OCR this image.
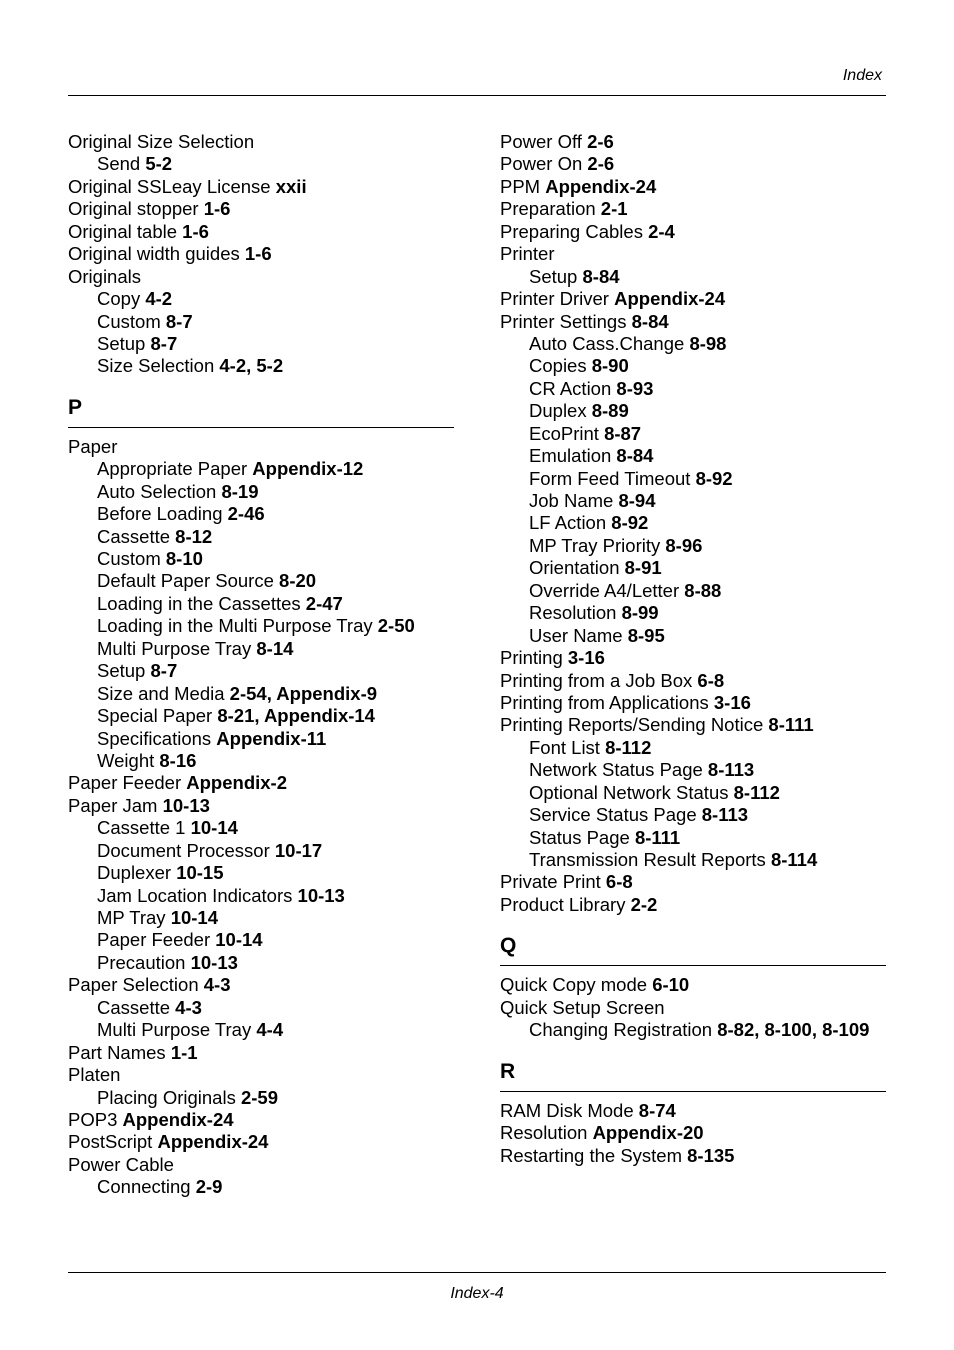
Index
Original Size Selection
Send 5-2
Original SSLeay License xxii
Original stopper 1-6
Original table 1-6
Original width guides 1-6
Originals
Copy 4-2
Custom 8-7
Setup 8-7
Size Selection 4-2, 5-2
P
Paper
Appropriate Paper Appendix-12
Auto Selection 8-19
Before Loading 2-46
Cassette 8-12
Custom 8-10
Default Paper Source 8-20
Loading in the Cassettes 2-47
Loading in the Multi Purpose Tray 2-50
Multi Purpose Tray 8-14
Setup 8-7
Size and Media 2-54, Appendix-9
Special Paper 8-21, Appendix-14
Specifications Appendix-11
Weight 8-16
Paper Feeder Appendix-2
Paper Jam 10-13
Cassette 1 10-14
Document Processor 10-17
Duplexer 10-15
Jam Location Indicators 10-13
MP Tray 10-14
Paper Feeder 10-14
Precaution 10-13
Paper Selection 4-3
Cassette 4-3
Multi Purpose Tray 4-4
Part Names 1-1
Platen
Placing Originals 2-59
POP3 Appendix-24
PostScript Appendix-24
Power Cable
Connecting 2-9
Power Off 2-6
Power On 2-6
PPM Appendix-24
Preparation 2-1
Preparing Cables 2-4
Printer
Setup 8-84
Printer Driver Appendix-24
Printer Settings 8-84
Auto Cass.Change 8-98
Copies 8-90
CR Action 8-93
Duplex 8-89
EcoPrint 8-87
Emulation 8-84
Form Feed Timeout 8-92
Job Name 8-94
LF Action 8-92
MP Tray Priority 8-96
Orientation 8-91
Override A4/Letter 8-88
Resolution 8-99
User Name 8-95
Printing 3-16
Printing from a Job Box 6-8
Printing from Applications 3-16
Printing Reports/Sending Notice 8-111
Font List 8-112
Network Status Page 8-113
Optional Network Status 8-112
Service Status Page 8-113
Status Page 8-111
Transmission Result Reports 8-114
Private Print 6-8
Product Library 2-2
Q
Quick Copy mode 6-10
Quick Setup Screen
Changing Registration 8-82, 8-100, 8-109
R
RAM Disk Mode 8-74
Resolution Appendix-20
Restarting the System 8-135
Index-4
